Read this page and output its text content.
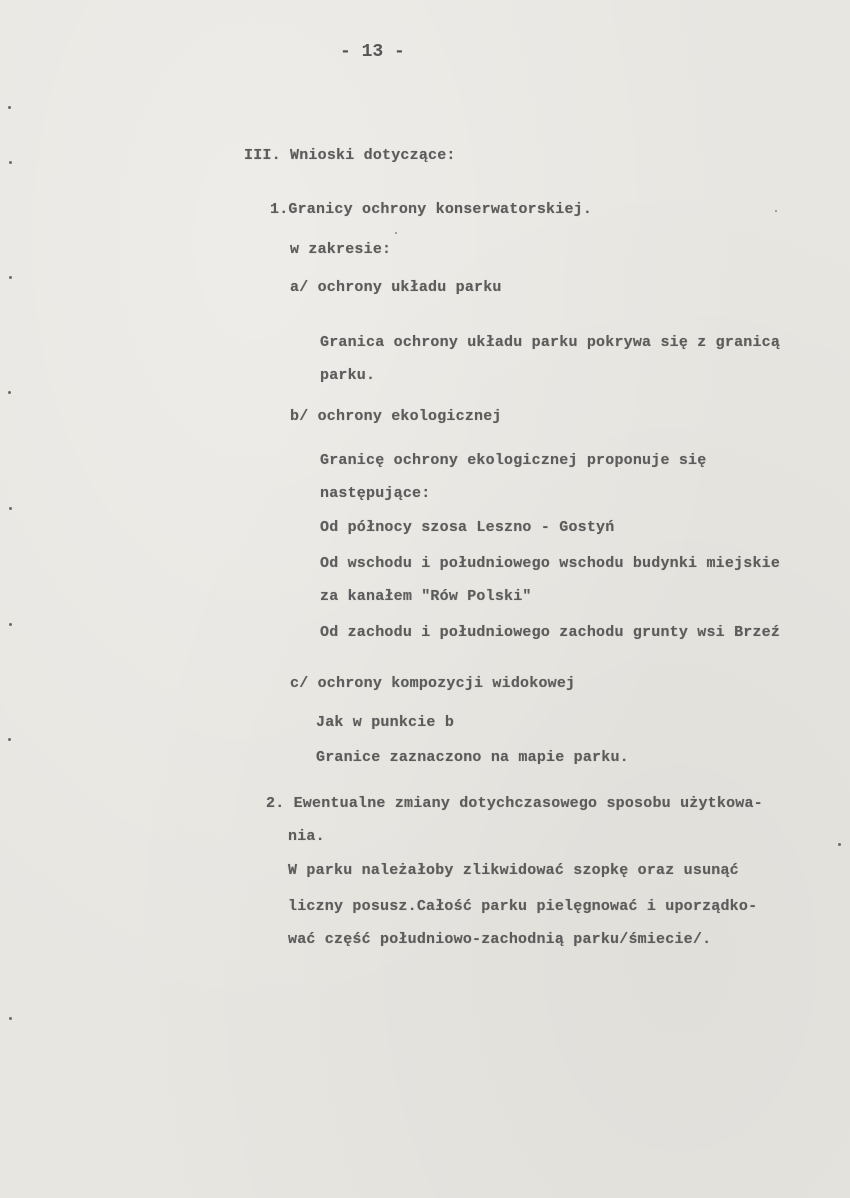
- 13 -
III. Wnioski dotyczące:
1.Granicy ochrony konserwatorskiej.
w zakresie:
a/ ochrony układu parku
Granica ochrony układu parku pokrywa się z granicą
parku.
b/ ochrony ekologicznej
Granicę ochrony ekologicznej proponuje się
następujące:
Od północy szosa Leszno - Gostyń
Od wschodu i południowego wschodu budynki miejskie
za kanałem "Rów Polski"
Od zachodu i południowego zachodu grunty wsi Brzeź
c/ ochrony kompozycji widokowej
Jak w punkcie b
Granice zaznaczono na mapie parku.
2. Ewentualne zmiany dotychczasowego sposobu użytkowa-
nia.
W parku należałoby zlikwidować szopkę oraz usunąć
liczny posusz.Całość parku pielęgnować i uporządko-
wać część południowo-zachodnią parku/śmiecie/.
